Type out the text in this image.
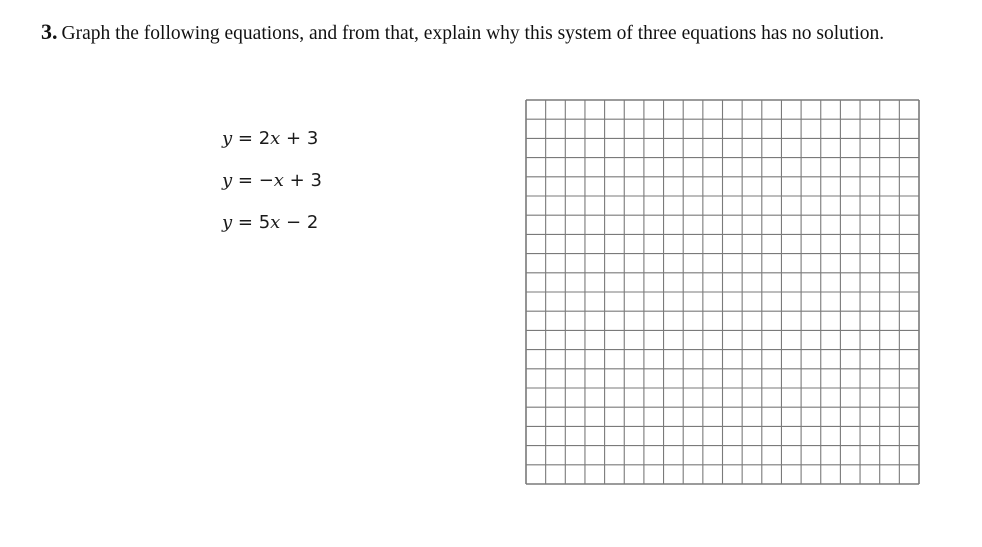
3. Graph the following equations, and from that, explain why this system of three equations has no solution.
y = 2x + 3
y = −x + 3
y = 5x − 2
